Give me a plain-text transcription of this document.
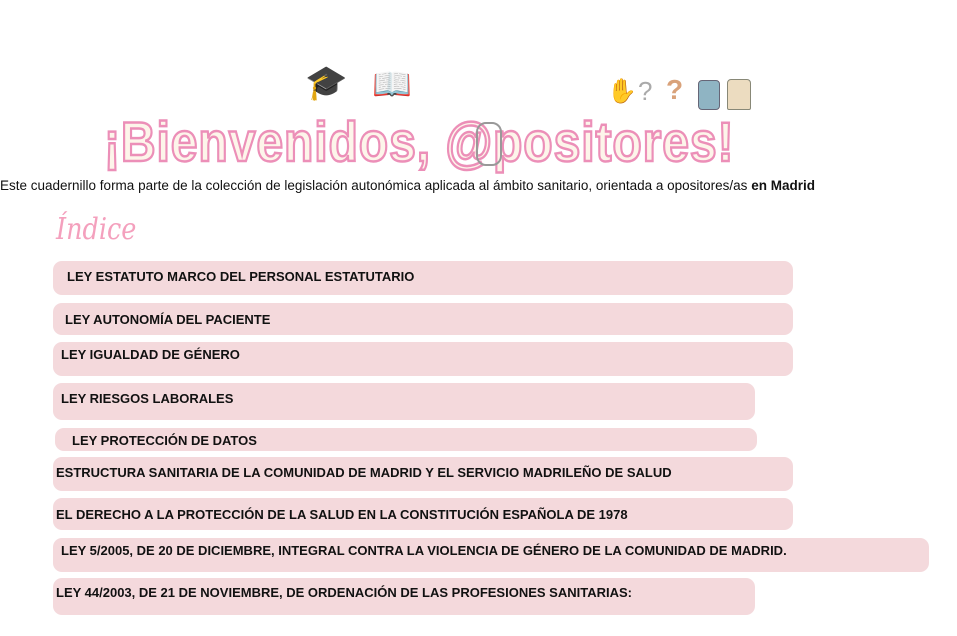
🎓 📖	✋ ? ?
¡Bienvenidos, @positores!
Este cuadernillo forma parte de la colección de legislación autonómica aplicada al ámbito sanitario, orientada a opositores/as en Madrid
Índice
LEY ESTATUTO MARCO DEL PERSONAL ESTATUTARIO
LEY AUTONOMÍA DEL PACIENTE
LEY IGUALDAD DE GÉNERO
LEY RIESGOS LABORALES
LEY PROTECCIÓN DE DATOS
ESTRUCTURA SANITARIA DE LA COMUNIDAD DE MADRID Y EL SERVICIO MADRILEÑO DE SALUD
EL DERECHO A LA PROTECCIÓN DE LA SALUD EN LA CONSTITUCIÓN ESPAÑOLA DE 1978
LEY 5/2005, DE 20 DE DICIEMBRE, INTEGRAL CONTRA LA VIOLENCIA DE GÉNERO DE LA COMUNIDAD DE MADRID.
LEY 44/2003, DE 21 DE NOVIEMBRE, DE ORDENACIÓN DE LAS PROFESIONES SANITARIAS:
